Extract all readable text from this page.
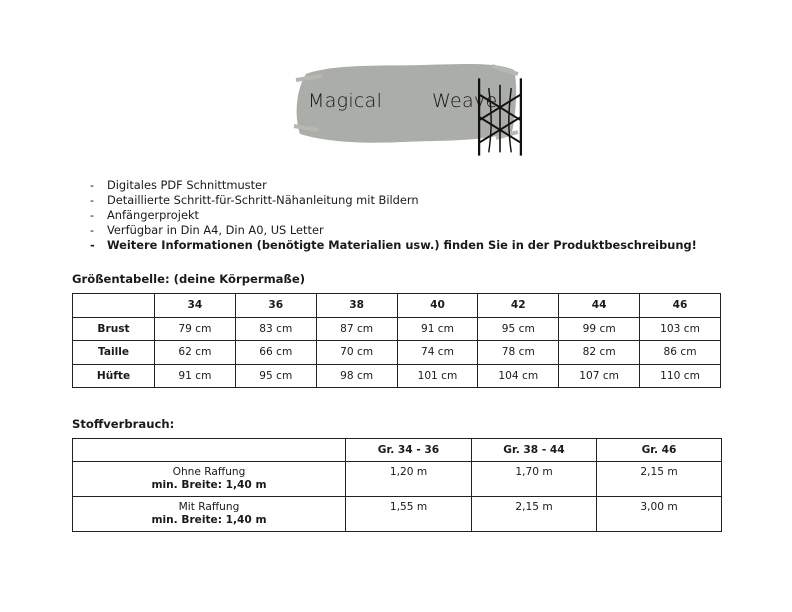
Magical	Weave
- Digitales PDF Schnittmuster
- Detaillierte Schritt-für-Schritt-Nähanleitung mit Bildern
- Anfängerprojekt
- Verfügbar in Din A4, Din A0, US Letter
- Weitere Informationen (benötigte Materialien usw.) finden Sie in der Produktbeschreibung!
Größentabelle: (deine Körpermaße)
	34	36	38	40	42	44	46
Brust	79 cm	83 cm	87 cm	91 cm	95 cm	99 cm	103 cm
Taille	62 cm	66 cm	70 cm	74 cm	78 cm	82 cm	86 cm
Hüfte	91 cm	95 cm	98 cm	101 cm	104 cm	107 cm	110 cm
Stoffverbrauch:
	Gr. 34 - 36	Gr. 38 - 44	Gr. 46

Ohne Raffung
min. Breite: 1,40 m	1,20 m	1,70 m	2,15 m

Mit Raffung
min. Breite: 1,40 m	1,55 m	2,15 m	3,00 m
